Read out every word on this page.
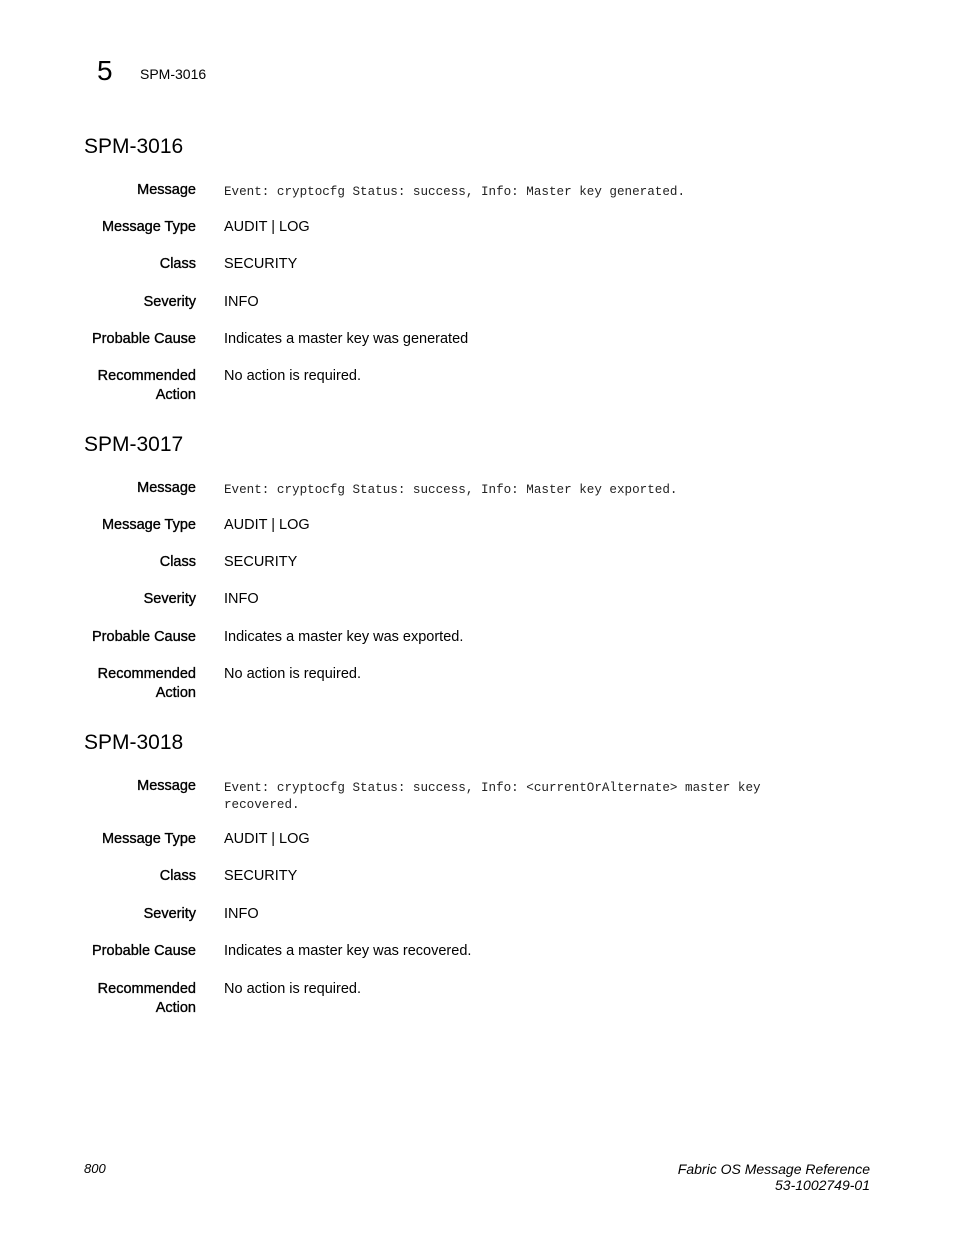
5 SPM-3016
SPM-3016
Message Event: cryptocfg Status: success, Info: Master key generated.
Message Type AUDIT | LOG
Class SECURITY
Severity INFO
Probable Cause Indicates a master key was generated
Recommended
Action
No action is required.
SPM-3017
Message Event: cryptocfg Status: success, Info: Master key exported.
Message Type AUDIT | LOG
Class SECURITY
Severity INFO
Probable Cause Indicates a master key was exported.
Recommended
Action
No action is required.
SPM-3018
Message Event: cryptocfg Status: success, Info: <currentOrAlternate> master key
recovered.
Message Type AUDIT | LOG
Class SECURITY
Severity INFO
Probable Cause Indicates a master key was recovered.
Recommended
Action
No action is required.
800	Fabric OS Message Reference
53-1002749-01
